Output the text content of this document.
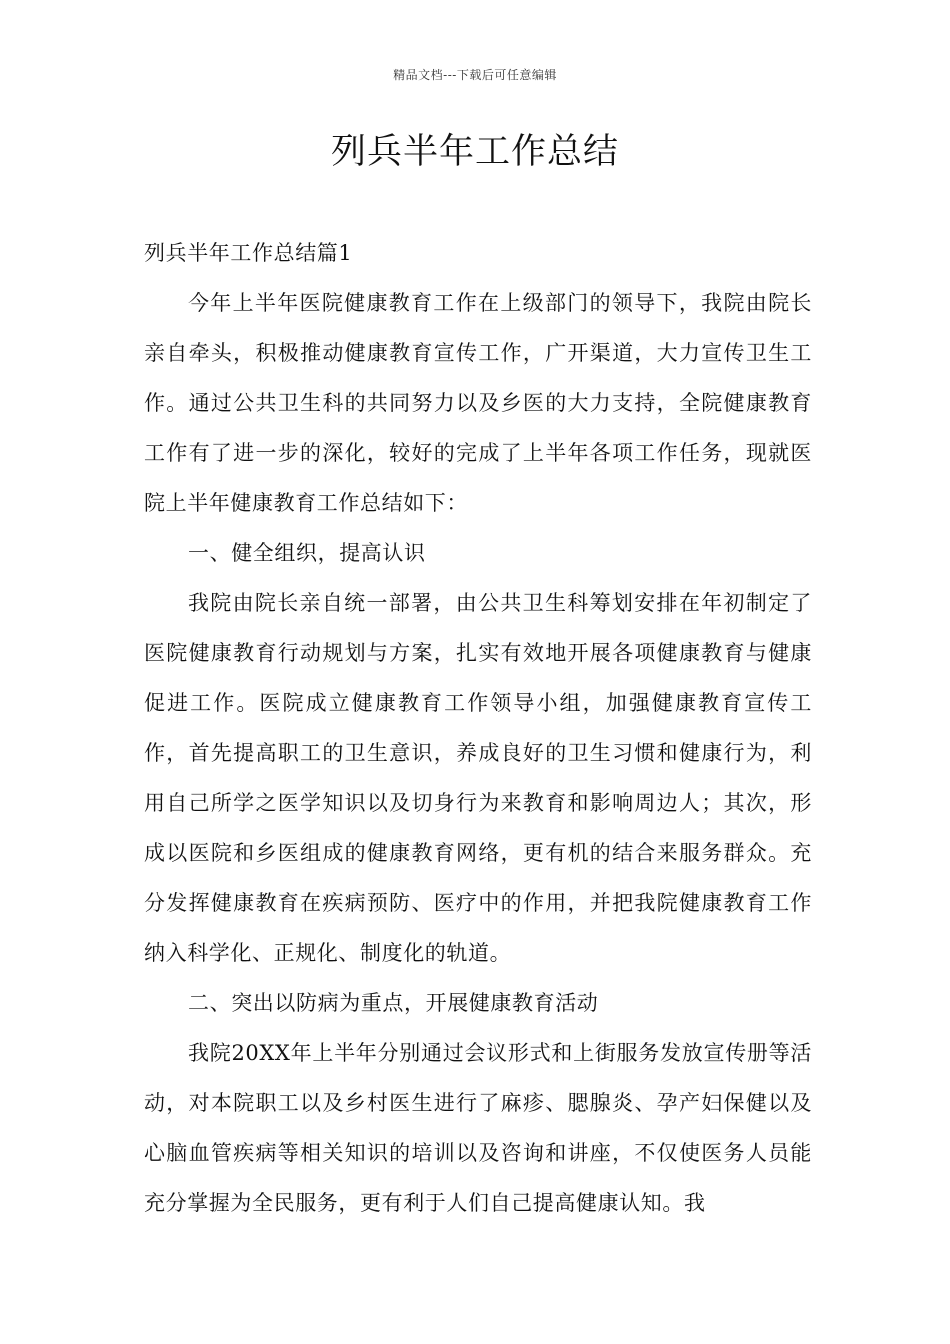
精品文档---下载后可任意编辑
列兵半年工作总结

列兵半年工作总结篇1

今年上半年医院健康教育工作在上级部门的领导下，我院由院长亲自牵头，积极推动健康教育宣传工作，广开渠道，大力宣传卫生工作。通过公共卫生科的共同努力以及乡医的大力支持，全院健康教育工作有了进一步的深化，较好的完成了上半年各项工作任务，现就医院上半年健康教育工作总结如下：

一、健全组织，提高认识

我院由院长亲自统一部署，由公共卫生科筹划安排在年初制定了医院健康教育行动规划与方案，扎实有效地开展各项健康教育与健康促进工作。医院成立健康教育工作领导小组，加强健康教育宣传工作，首先提高职工的卫生意识，养成良好的卫生习惯和健康行为，利用自己所学之医学知识以及切身行为来教育和影响周边人；其次，形成以医院和乡医组成的健康教育网络，更有机的结合来服务群众。充分发挥健康教育在疾病预防、医疗中的作用，并把我院健康教育工作纳入科学化、正规化、制度化的轨道。

二、突出以防病为重点，开展健康教育活动

我院20XX年上半年分别通过会议形式和上街服务发放宣传册等活动，对本院职工以及乡村医生进行了麻疹、腮腺炎、孕产妇保健以及心脑血管疾病等相关知识的培训以及咨询和讲座，不仅使医务人员能充分掌握为全民服务，更有利于人们自己提高健康认知。我
